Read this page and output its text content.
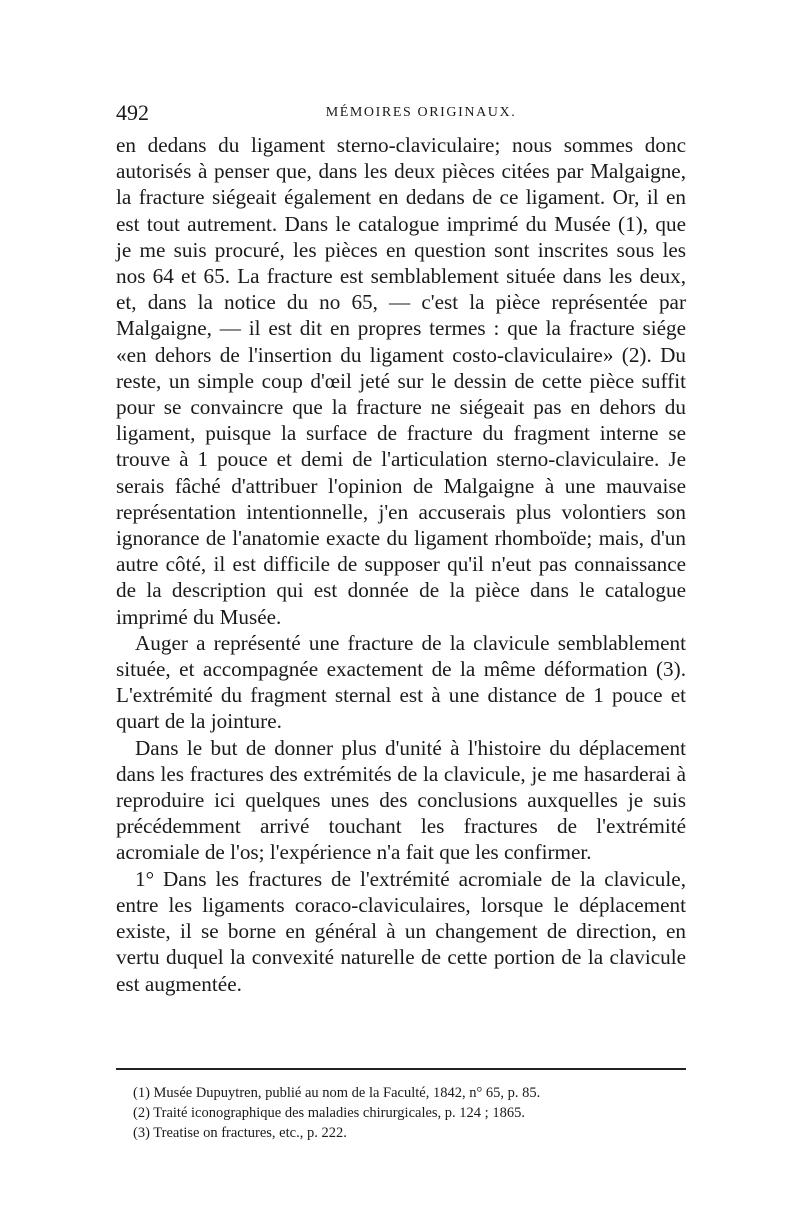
492	MÉMOIRES ORIGINAUX.

en dedans du ligament sterno-claviculaire; nous sommes donc autorisés à penser que, dans les deux pièces citées par Malgaigne, la fracture siégeait également en dedans de ce ligament. Or, il en est tout autrement. Dans le catalogue imprimé du Musée (1), que je me suis procuré, les pièces en question sont inscrites sous les nos 64 et 65. La fracture est semblablement située dans les deux, et, dans la notice du no 65, — c'est la pièce représentée par Malgaigne, — il est dit en propres termes : que la fracture siége «en dehors de l'insertion du ligament costo-claviculaire» (2). Du reste, un simple coup d'œil jeté sur le dessin de cette pièce suffit pour se convaincre que la fracture ne siégeait pas en dehors du ligament, puisque la surface de fracture du fragment interne se trouve à 1 pouce et demi de l'articulation sterno-claviculaire. Je serais fâché d'attribuer l'opinion de Malgaigne à une mauvaise représentation intentionnelle, j'en accuserais plus volontiers son ignorance de l'anatomie exacte du ligament rhomboïde; mais, d'un autre côté, il est difficile de supposer qu'il n'eut pas connaissance de la description qui est donnée de la pièce dans le catalogue imprimé du Musée.

Auger a représenté une fracture de la clavicule semblablement située, et accompagnée exactement de la même déformation (3). L'extrémité du fragment sternal est à une distance de 1 pouce et quart de la jointure.

Dans le but de donner plus d'unité à l'histoire du déplacement dans les fractures des extrémités de la clavicule, je me hasarderai à reproduire ici quelques unes des conclusions auxquelles je suis précédemment arrivé touchant les fractures de l'extrémité acromiale de l'os; l'expérience n'a fait que les confirmer.

1° Dans les fractures de l'extrémité acromiale de la clavicule, entre les ligaments coraco-claviculaires, lorsque le déplacement existe, il se borne en général à un changement de direction, en vertu duquel la convexité naturelle de cette portion de la clavicule est augmentée.

(1) Musée Dupuytren, publié au nom de la Faculté, 1842, n° 65, p. 85.
(2) Traité iconographique des maladies chirurgicales, p. 124 ; 1865.
(3) Treatise on fractures, etc., p. 222.
